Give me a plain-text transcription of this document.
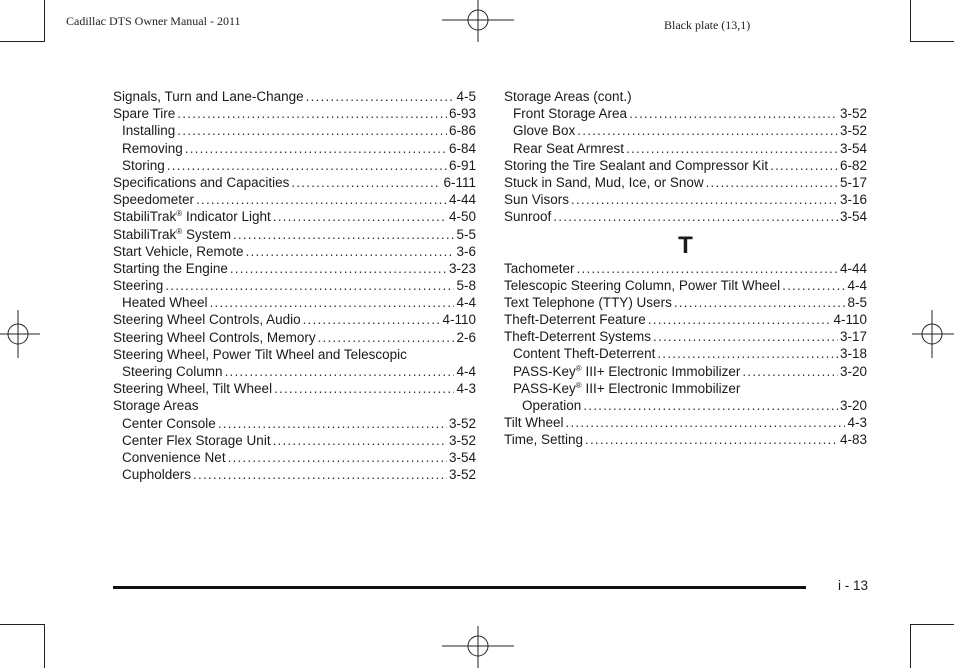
Cadillac DTS Owner Manual - 2011	Black plate (13,1)
Signals, Turn and Lane-Change .....	4-5
Spare Tire .....	6-93
Installing .....	6-86
Removing .....	6-84
Storing .....	6-91
Specifications and Capacities .....	6-111
Speedometer .....	4-44
StabiliTrak® Indicator Light .....	4-50
StabiliTrak® System .....	5-5
Start Vehicle, Remote .....	3-6
Starting the Engine .....	3-23
Steering .....	5-8
Heated Wheel .....	4-4
Steering Wheel Controls, Audio .....	4-110
Steering Wheel Controls, Memory .....	2-6
Steering Wheel, Power Tilt Wheel and Telescopic
Steering Column .....	4-4
Steering Wheel, Tilt Wheel .....	4-3
Storage Areas
Center Console .....	3-52
Center Flex Storage Unit .....	3-52
Convenience Net .....	3-54
Cupholders .....	3-52
Storage Areas (cont.)
Front Storage Area .....	3-52
Glove Box .....	3-52
Rear Seat Armrest .....	3-54
Storing the Tire Sealant and Compressor Kit .....	6-82
Stuck in Sand, Mud, Ice, or Snow .....	5-17
Sun Visors .....	3-16
Sunroof .....	3-54
T
Tachometer .....	4-44
Telescopic Steering Column, Power Tilt Wheel .....	4-4
Text Telephone (TTY) Users .....	8-5
Theft-Deterrent Feature .....	4-110
Theft-Deterrent Systems .....	3-17
Content Theft-Deterrent .....	3-18
PASS-Key® III+ Electronic Immobilizer .....	3-20
PASS-Key® III+ Electronic Immobilizer
Operation .....	3-20
Tilt Wheel .....	4-3
Time, Setting .....	4-83
i - 13
